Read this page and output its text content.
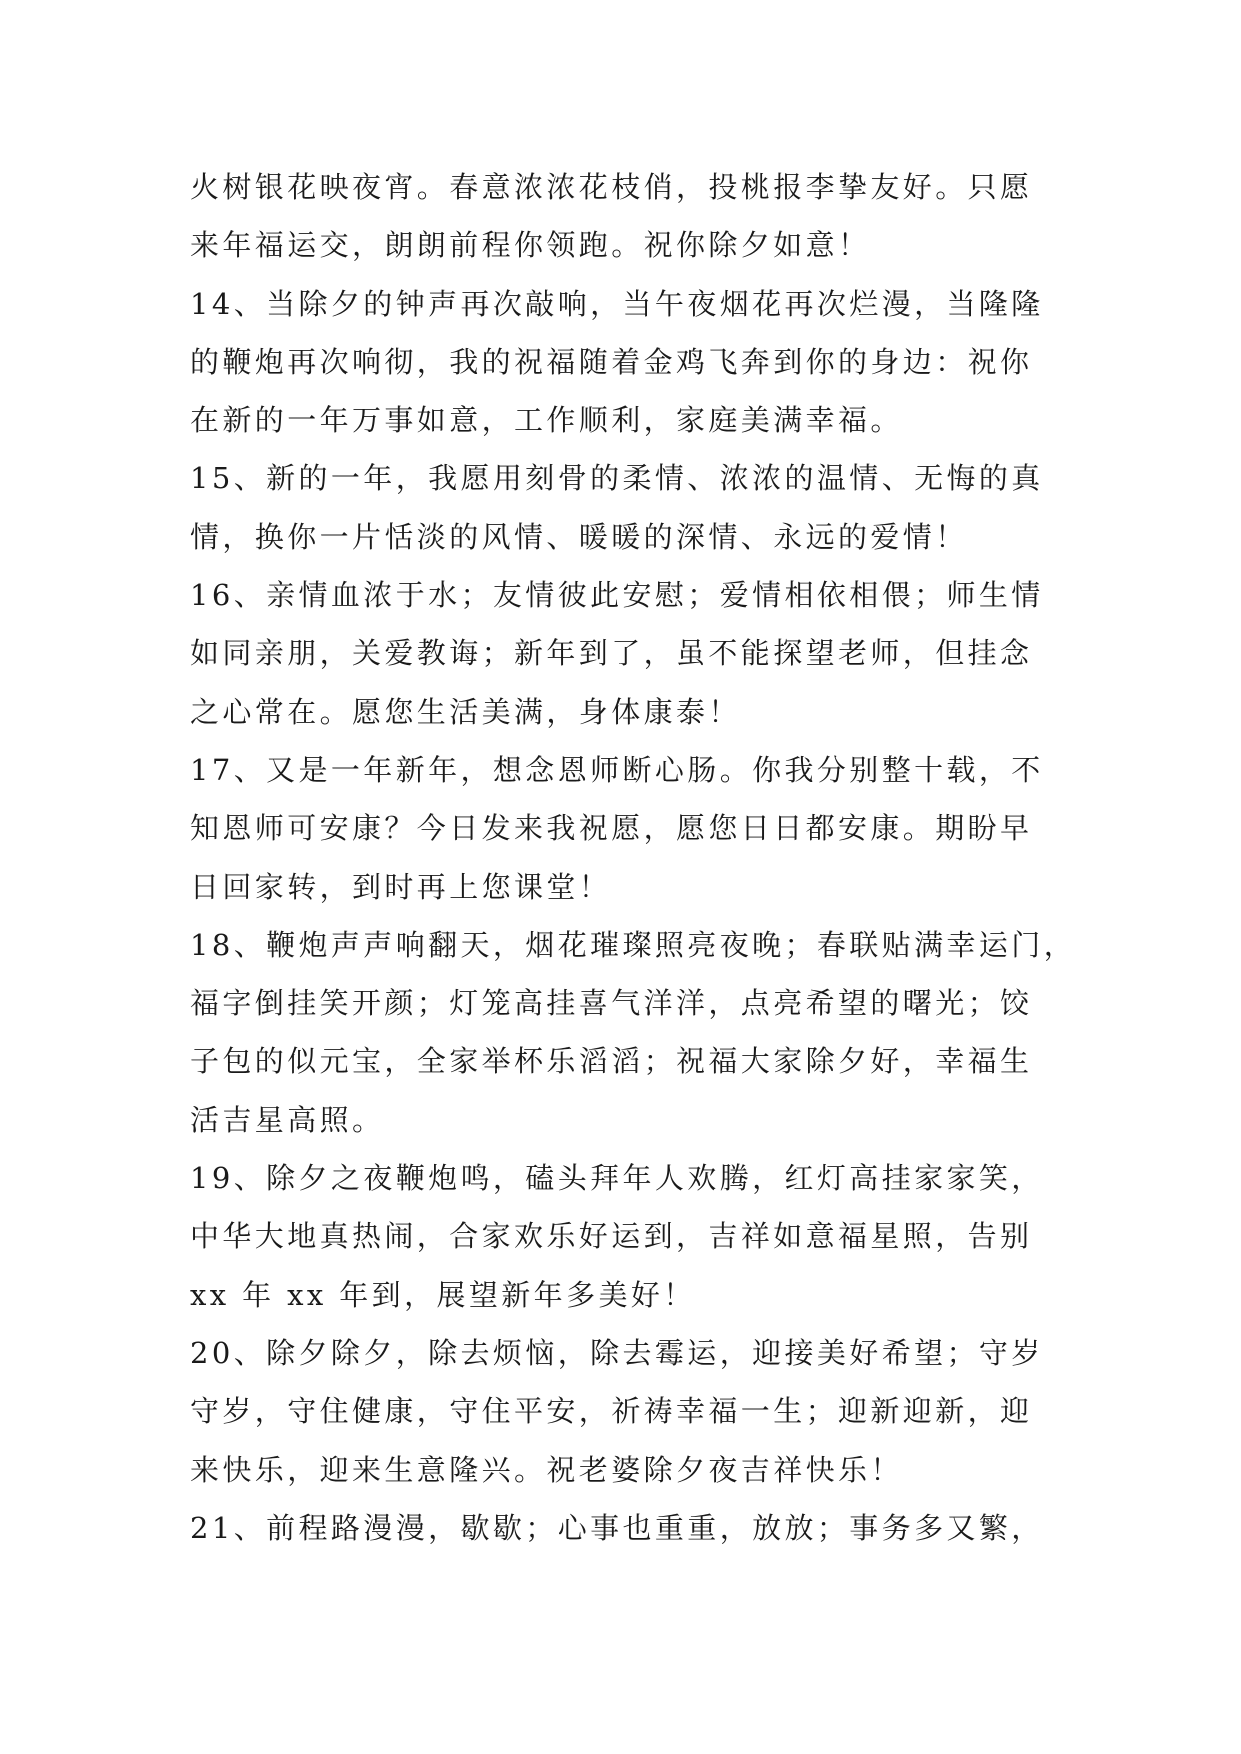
火树银花映夜宵。春意浓浓花枝俏，投桃报李挚友好。只愿
来年福运交，朗朗前程你领跑。祝你除夕如意！
14、当除夕的钟声再次敲响，当午夜烟花再次烂漫，当隆隆
的鞭炮再次响彻，我的祝福随着金鸡飞奔到你的身边：祝你
在新的一年万事如意，工作顺利，家庭美满幸福。
15、新的一年，我愿用刻骨的柔情、浓浓的温情、无悔的真
情，换你一片恬淡的风情、暖暖的深情、永远的爱情！
16、亲情血浓于水；友情彼此安慰；爱情相依相偎；师生情
如同亲朋，关爱教诲；新年到了，虽不能探望老师，但挂念
之心常在。愿您生活美满，身体康泰！
17、又是一年新年，想念恩师断心肠。你我分别整十载，不
知恩师可安康？今日发来我祝愿，愿您日日都安康。期盼早
日回家转，到时再上您课堂！
18、鞭炮声声响翻天，烟花璀璨照亮夜晚；春联贴满幸运门，
福字倒挂笑开颜；灯笼高挂喜气洋洋，点亮希望的曙光；饺
子包的似元宝，全家举杯乐滔滔；祝福大家除夕好，幸福生
活吉星高照。
19、除夕之夜鞭炮鸣，磕头拜年人欢腾，红灯高挂家家笑，
中华大地真热闹，合家欢乐好运到，吉祥如意福星照，告别
xx 年 xx 年到，展望新年多美好！
20、除夕除夕，除去烦恼，除去霉运，迎接美好希望；守岁
守岁，守住健康，守住平安，祈祷幸福一生；迎新迎新，迎
来快乐，迎来生意隆兴。祝老婆除夕夜吉祥快乐！
21、前程路漫漫，歇歇；心事也重重，放放；事务多又繁，
